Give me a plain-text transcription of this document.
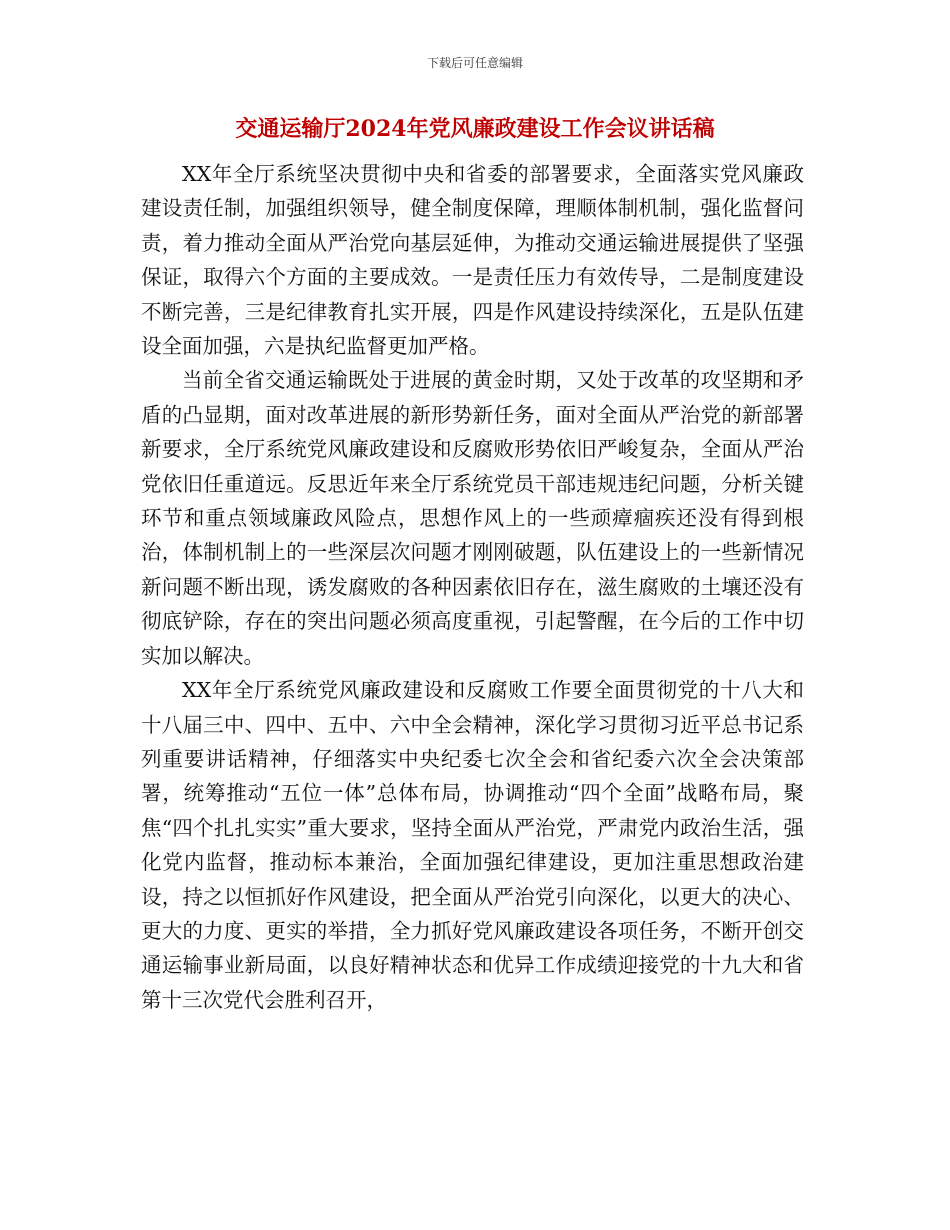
下载后可任意编辑
交通运输厅2024年党风廉政建设工作会议讲话稿

XX年全厅系统坚决贯彻中央和省委的部署要求，全面落实党风廉政建设责任制，加强组织领导，健全制度保障，理顺体制机制，强化监督问责，着力推动全面从严治党向基层延伸，为推动交通运输进展提供了坚强保证，取得六个方面的主要成效。一是责任压力有效传导，二是制度建设不断完善，三是纪律教育扎实开展，四是作风建设持续深化，五是队伍建设全面加强，六是执纪监督更加严格。

当前全省交通运输既处于进展的黄金时期，又处于改革的攻坚期和矛盾的凸显期，面对改革进展的新形势新任务，面对全面从严治党的新部署新要求，全厅系统党风廉政建设和反腐败形势依旧严峻复杂，全面从严治党依旧任重道远。反思近年来全厅系统党员干部违规违纪问题，分析关键环节和重点领域廉政风险点，思想作风上的一些顽瘴痼疾还没有得到根治，体制机制上的一些深层次问题才刚刚破题，队伍建设上的一些新情况新问题不断出现，诱发腐败的各种因素依旧存在，滋生腐败的土壤还没有彻底铲除，存在的突出问题必须高度重视，引起警醒，在今后的工作中切实加以解决。

XX年全厅系统党风廉政建设和反腐败工作要全面贯彻党的十八大和十八届三中、四中、五中、六中全会精神，深化学习贯彻习近平总书记系列重要讲话精神，仔细落实中央纪委七次全会和省纪委六次全会决策部署，统筹推动“五位一体”总体布局，协调推动“四个全面”战略布局，聚焦“四个扎扎实实”重大要求，坚持全面从严治党，严肃党内政治生活，强化党内监督，推动标本兼治，全面加强纪律建设，更加注重思想政治建设，持之以恒抓好作风建设，把全面从严治党引向深化，以更大的决心、更大的力度、更实的举措，全力抓好党风廉政建设各项任务，不断开创交通运输事业新局面，以良好精神状态和优异工作成绩迎接党的十九大和省第十三次党代会胜利召开，
